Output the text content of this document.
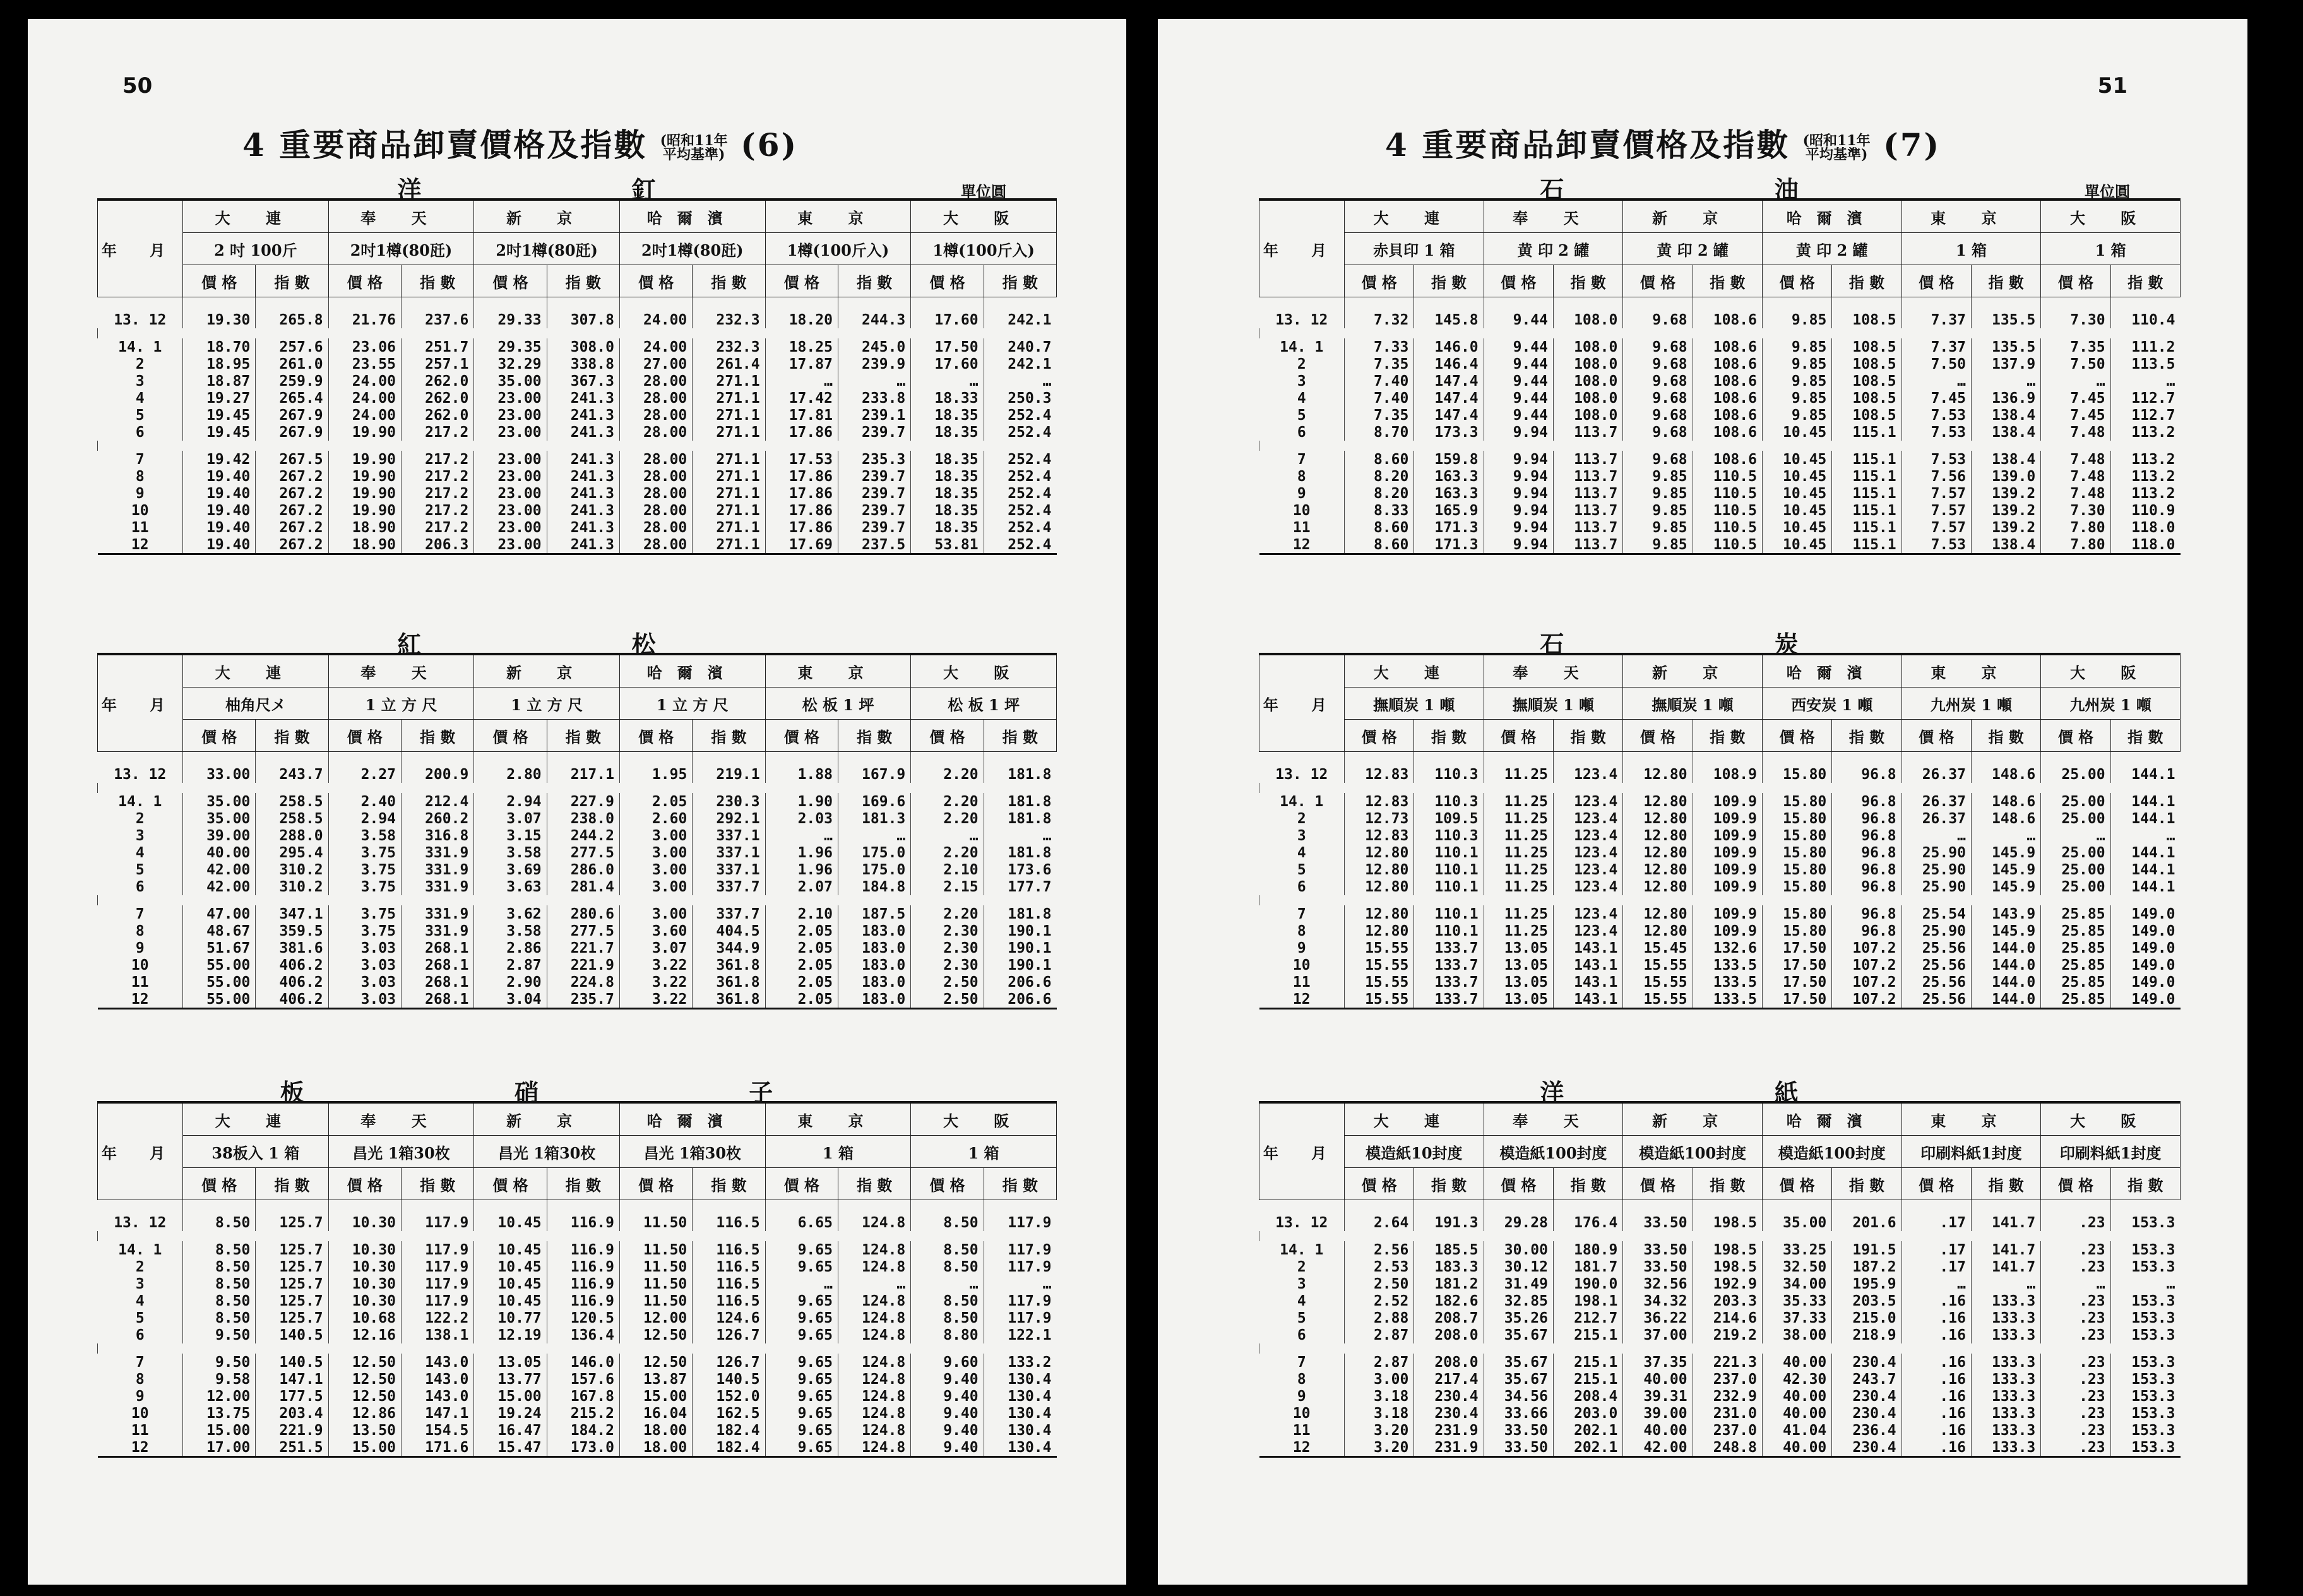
50
4 重要商品卸賣價格及指數 (昭和11年
平均基準) (6)
洋 釘	單位圓
年 月	大 連		奉 天		新 京		哈爾濱		東 京		大 阪	
	2 吋 100斤		2吋1樽(80瓩)		2吋1樽(80瓩)		2吋1樽(80瓩)		1樽(100斤入)		1樽(100斤入)	
	價 格	指 數	價 格	指 數	價 格	指 數	價 格	指 數	價 格	指 數	價 格	指 數
13. 12	19.30	265.8	21.76	237.6	29.33	307.8	24.00	232.3	18.20	244.3	17.60	242.1

14. 1	18.70	257.6	23.06	251.7	29.35	308.0	24.00	232.3	18.25	245.0	17.50	240.7
2	18.95	261.0	23.55	257.1	32.29	338.8	27.00	261.4	17.87	239.9	17.60	242.1
3	18.87	259.9	24.00	262.0	35.00	367.3	28.00	271.1	…	…	…	…
4	19.27	265.4	24.00	262.0	23.00	241.3	28.00	271.1	17.42	233.8	18.33	250.3
5	19.45	267.9	24.00	262.0	23.00	241.3	28.00	271.1	17.81	239.1	18.35	252.4
6	19.45	267.9	19.90	217.2	23.00	241.3	28.00	271.1	17.86	239.7	18.35	252.4

7	19.42	267.5	19.90	217.2	23.00	241.3	28.00	271.1	17.53	235.3	18.35	252.4
8	19.40	267.2	19.90	217.2	23.00	241.3	28.00	271.1	17.86	239.7	18.35	252.4
9	19.40	267.2	19.90	217.2	23.00	241.3	28.00	271.1	17.86	239.7	18.35	252.4
10	19.40	267.2	19.90	217.2	23.00	241.3	28.00	271.1	17.86	239.7	18.35	252.4
11	19.40	267.2	18.90	217.2	23.00	241.3	28.00	271.1	17.86	239.7	18.35	252.4
12	19.40	267.2	18.90	206.3	23.00	241.3	28.00	271.1	17.69	237.5	53.81	252.4
紅 松
年 月	大 連		奉 天		新 京		哈爾濱		東 京		大 阪	
	柚角尺メ		1 立 方 尺		1 立 方 尺		1 立 方 尺		松 板 1 坪		松 板 1 坪	
	價 格	指 數	價 格	指 數	價 格	指 數	價 格	指 數	價 格	指 數	價 格	指 數
13. 12	33.00	243.7	2.27	200.9	2.80	217.1	1.95	219.1	1.88	167.9	2.20	181.8

14. 1	35.00	258.5	2.40	212.4	2.94	227.9	2.05	230.3	1.90	169.6	2.20	181.8
2	35.00	258.5	2.94	260.2	3.07	238.0	2.60	292.1	2.03	181.3	2.20	181.8
3	39.00	288.0	3.58	316.8	3.15	244.2	3.00	337.1	…	…	…	…
4	40.00	295.4	3.75	331.9	3.58	277.5	3.00	337.1	1.96	175.0	2.20	181.8
5	42.00	310.2	3.75	331.9	3.69	286.0	3.00	337.1	1.96	175.0	2.10	173.6
6	42.00	310.2	3.75	331.9	3.63	281.4	3.00	337.7	2.07	184.8	2.15	177.7

7	47.00	347.1	3.75	331.9	3.62	280.6	3.00	337.7	2.10	187.5	2.20	181.8
8	48.67	359.5	3.75	331.9	3.58	277.5	3.60	404.5	2.05	183.0	2.30	190.1
9	51.67	381.6	3.03	268.1	2.86	221.7	3.07	344.9	2.05	183.0	2.30	190.1
10	55.00	406.2	3.03	268.1	2.87	221.9	3.22	361.8	2.05	183.0	2.30	190.1
11	55.00	406.2	3.03	268.1	2.90	224.8	3.22	361.8	2.05	183.0	2.50	206.6
12	55.00	406.2	3.03	268.1	3.04	235.7	3.22	361.8	2.05	183.0	2.50	206.6
板 硝 子
年 月	大 連		奉 天		新 京		哈爾濱		東 京		大 阪	
	38板入 1 箱		昌光 1箱30枚		昌光 1箱30枚		昌光 1箱30枚		1 箱		1 箱	
	價 格	指 數	價 格	指 數	價 格	指 數	價 格	指 數	價 格	指 數	價 格	指 數
13. 12	8.50	125.7	10.30	117.9	10.45	116.9	11.50	116.5	6.65	124.8	8.50	117.9

14. 1	8.50	125.7	10.30	117.9	10.45	116.9	11.50	116.5	9.65	124.8	8.50	117.9
2	8.50	125.7	10.30	117.9	10.45	116.9	11.50	116.5	9.65	124.8	8.50	117.9
3	8.50	125.7	10.30	117.9	10.45	116.9	11.50	116.5	…	…	…	…
4	8.50	125.7	10.30	117.9	10.45	116.9	11.50	116.5	9.65	124.8	8.50	117.9
5	8.50	125.7	10.68	122.2	10.77	120.5	12.00	124.6	9.65	124.8	8.50	117.9
6	9.50	140.5	12.16	138.1	12.19	136.4	12.50	126.7	9.65	124.8	8.80	122.1

7	9.50	140.5	12.50	143.0	13.05	146.0	12.50	126.7	9.65	124.8	9.60	133.2
8	9.58	147.1	12.50	143.0	13.77	157.6	13.87	140.5	9.65	124.8	9.40	130.4
9	12.00	177.5	12.50	143.0	15.00	167.8	15.00	152.0	9.65	124.8	9.40	130.4
10	13.75	203.4	12.86	147.1	19.24	215.2	16.04	162.5	9.65	124.8	9.40	130.4
11	15.00	221.9	13.50	154.5	16.47	184.2	18.00	182.4	9.65	124.8	9.40	130.4
12	17.00	251.5	15.00	171.6	15.47	173.0	18.00	182.4	9.65	124.8	9.40	130.4
51
4 重要商品卸賣價格及指數 (昭和11年
平均基準) (7)
石 油	單位圓
年 月	大 連		奉 天		新 京		哈爾濱		東 京		大 阪	
	赤貝印 1 箱		黄 印 2 罐		黄 印 2 罐		黄 印 2 罐		1 箱		1 箱	
	價 格	指 數	價 格	指 數	價 格	指 數	價 格	指 數	價 格	指 數	價 格	指 數
13. 12	7.32	145.8	9.44	108.0	9.68	108.6	9.85	108.5	7.37	135.5	7.30	110.4

14. 1	7.33	146.0	9.44	108.0	9.68	108.6	9.85	108.5	7.37	135.5	7.35	111.2
2	7.35	146.4	9.44	108.0	9.68	108.6	9.85	108.5	7.50	137.9	7.50	113.5
3	7.40	147.4	9.44	108.0	9.68	108.6	9.85	108.5	…	…	…	…
4	7.40	147.4	9.44	108.0	9.68	108.6	9.85	108.5	7.45	136.9	7.45	112.7
5	7.35	147.4	9.44	108.0	9.68	108.6	9.85	108.5	7.53	138.4	7.45	112.7
6	8.70	173.3	9.94	113.7	9.68	108.6	10.45	115.1	7.53	138.4	7.48	113.2

7	8.60	159.8	9.94	113.7	9.68	108.6	10.45	115.1	7.53	138.4	7.48	113.2
8	8.20	163.3	9.94	113.7	9.85	110.5	10.45	115.1	7.56	139.0	7.48	113.2
9	8.20	163.3	9.94	113.7	9.85	110.5	10.45	115.1	7.57	139.2	7.48	113.2
10	8.33	165.9	9.94	113.7	9.85	110.5	10.45	115.1	7.57	139.2	7.30	110.9
11	8.60	171.3	9.94	113.7	9.85	110.5	10.45	115.1	7.57	139.2	7.80	118.0
12	8.60	171.3	9.94	113.7	9.85	110.5	10.45	115.1	7.53	138.4	7.80	118.0
石 炭
年 月	大 連		奉 天		新 京		哈爾濱		東 京		大 阪	
	撫順炭 1 噸		撫順炭 1 噸		撫順炭 1 噸		西安炭 1 噸		九州炭 1 噸		九州炭 1 噸	
	價 格	指 數	價 格	指 數	價 格	指 數	價 格	指 數	價 格	指 數	價 格	指 數
13. 12	12.83	110.3	11.25	123.4	12.80	108.9	15.80	96.8	26.37	148.6	25.00	144.1

14. 1	12.83	110.3	11.25	123.4	12.80	109.9	15.80	96.8	26.37	148.6	25.00	144.1
2	12.73	109.5	11.25	123.4	12.80	109.9	15.80	96.8	26.37	148.6	25.00	144.1
3	12.83	110.3	11.25	123.4	12.80	109.9	15.80	96.8	…	…	…	…
4	12.80	110.1	11.25	123.4	12.80	109.9	15.80	96.8	25.90	145.9	25.00	144.1
5	12.80	110.1	11.25	123.4	12.80	109.9	15.80	96.8	25.90	145.9	25.00	144.1
6	12.80	110.1	11.25	123.4	12.80	109.9	15.80	96.8	25.90	145.9	25.00	144.1

7	12.80	110.1	11.25	123.4	12.80	109.9	15.80	96.8	25.54	143.9	25.85	149.0
8	12.80	110.1	11.25	123.4	12.80	109.9	15.80	96.8	25.90	145.9	25.85	149.0
9	15.55	133.7	13.05	143.1	15.45	132.6	17.50	107.2	25.56	144.0	25.85	149.0
10	15.55	133.7	13.05	143.1	15.55	133.5	17.50	107.2	25.56	144.0	25.85	149.0
11	15.55	133.7	13.05	143.1	15.55	133.5	17.50	107.2	25.56	144.0	25.85	149.0
12	15.55	133.7	13.05	143.1	15.55	133.5	17.50	107.2	25.56	144.0	25.85	149.0
洋 紙
年 月	大 連		奉 天		新 京		哈爾濱		東 京		大 阪	
	模造紙10封度		模造紙100封度		模造紙100封度		模造紙100封度		印刷料紙1封度		印刷料紙1封度	
	價 格	指 數	價 格	指 數	價 格	指 數	價 格	指 數	價 格	指 數	價 格	指 數
13. 12	2.64	191.3	29.28	176.4	33.50	198.5	35.00	201.6	.17	141.7	.23	153.3

14. 1	2.56	185.5	30.00	180.9	33.50	198.5	33.25	191.5	.17	141.7	.23	153.3
2	2.53	183.3	30.12	181.7	33.50	198.5	32.50	187.2	.17	141.7	.23	153.3
3	2.50	181.2	31.49	190.0	32.56	192.9	34.00	195.9	…	…	…	…
4	2.52	182.6	32.85	198.1	34.32	203.3	35.33	203.5	.16	133.3	.23	153.3
5	2.88	208.7	35.26	212.7	36.22	214.6	37.33	215.0	.16	133.3	.23	153.3
6	2.87	208.0	35.67	215.1	37.00	219.2	38.00	218.9	.16	133.3	.23	153.3

7	2.87	208.0	35.67	215.1	37.35	221.3	40.00	230.4	.16	133.3	.23	153.3
8	3.00	217.4	35.67	215.1	40.00	237.0	42.30	243.7	.16	133.3	.23	153.3
9	3.18	230.4	34.56	208.4	39.31	232.9	40.00	230.4	.16	133.3	.23	153.3
10	3.18	230.4	33.66	203.0	39.00	231.0	40.00	230.4	.16	133.3	.23	153.3
11	3.20	231.9	33.50	202.1	40.00	237.0	41.04	236.4	.16	133.3	.23	153.3
12	3.20	231.9	33.50	202.1	42.00	248.8	40.00	230.4	.16	133.3	.23	153.3
